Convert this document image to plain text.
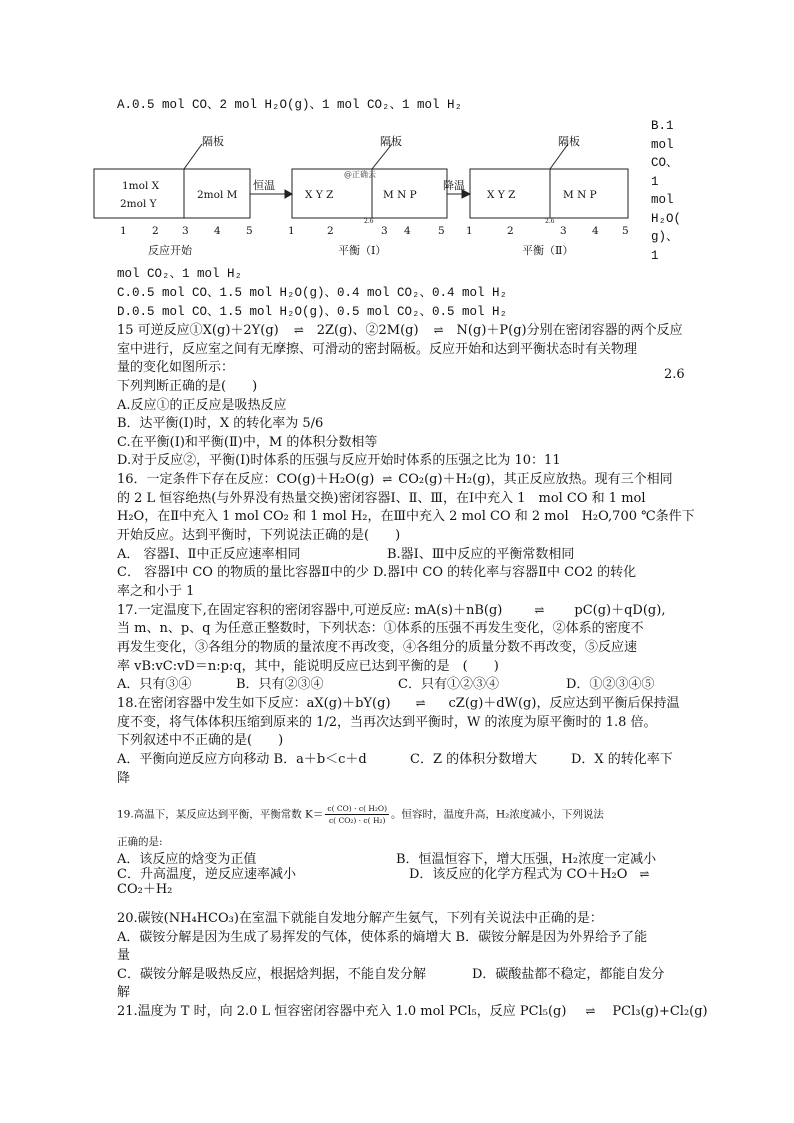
A.0.5 mol CO、2 mol H₂O(g)、1 mol CO₂、1 mol H₂
B.1
mol
CO、
1
mol
H₂O(
g)、
1
隔板	隔板	隔板
1mol X
2mol Y
2mol M
恒温	降温
X Y Z	M N P
@正确云
X Y Z	M N P
1 2 3 4 5	1	2
2.6
3 4	5 1	2
2.6
3 4 5
反应开始	平衡（Ⅰ）	平衡（Ⅱ）
mol CO₂、1 mol H₂
C.0.5 mol CO、1.5 mol H₂O(g)、0.4 mol CO₂、0.4 mol H₂
D.0.5 mol CO、1.5 mol H₂O(g)、0.5 mol CO₂、0.5 mol H₂
15 可逆反应①X(g)＋2Y(g) ⇌ 2Z(g)、②2M(g) ⇌ N(g)＋P(g)分别在密闭容器的两个反应
室中进行，反应室之间有无摩擦、可滑动的密封隔板。反应开始和达到平衡状态时有关物理
量的变化如图所示：	2.6
下列判断正确的是(　　)
A.反应①的正反应是吸热反应
B．达平衡(Ⅰ)时，X 的转化率为 5/6
C.在平衡(Ⅰ)和平衡(Ⅱ)中，M 的体积分数相等
D.对于反应②，平衡(Ⅰ)时体系的压强与反应开始时体系的压强之比为 10：11
16．一定条件下存在反应：CO(g)＋H₂O(g) ⇌ CO₂(g)＋H₂(g)，其正反应放热。现有三个相同
的 2 L 恒容绝热(与外界没有热量交换)密闭容器Ⅰ、Ⅱ、Ⅲ，在Ⅰ中充入 1　mol CO 和 1 mol
H₂O，在Ⅱ中充入 1 mol CO₂ 和 1 mol H₂，在Ⅲ中充入 2 mol CO 和 2 mol　H₂O,700 ℃条件下
开始反应。达到平衡时，下列说法正确的是(　　)
A． 容器Ⅰ、Ⅱ中正反应速率相同	B.器Ⅰ、Ⅲ中反应的平衡常数相同
C． 容器Ⅰ中 CO 的物质的量比容器Ⅱ中的少 D.器Ⅰ中 CO 的转化率与容器Ⅱ中 CO2 的转化
率之和小于 1
17.一定温度下,在固定容积的密闭容器中,可逆反应: mA(s)＋nB(g)	⇌ pC(g)＋qD(g),
当 m、n、p、q 为任意正整数时，下列状态：①体系的压强不再发生变化，②体系的密度不
再发生变化，③各组分的物质的量浓度不再改变，④各组分的质量分数不再改变，⑤反应速
率 vB:vC:vD＝n:p:q，其中，能说明反应已达到平衡的是　(　　)
A．只有③④	B．只有②③④	C．只有①②③④	D．①②③④⑤
18.在密闭容器中发生如下反应：aX(g)＋bY(g) ⇌ cZ(g)＋dW(g)，反应达到平衡后保持温
度不变，将气体体积压缩到原来的 1/2，当再次达到平衡时，W 的浓度为原平衡时的 1.8 倍。
下列叙述中不正确的是(　　)
A．平衡向逆反应方向移动 B．a＋b＜c＋d	C．Z 的体积分数增大	D．X 的转化率下
降
19.高温下，某反应达到平衡，平衡常数 $K= \frac{\text{c( CO) · c( H₂O)}}{\text{c( CO₂) · c( H₂)}}$ 。恒容时，温度升高，H₂浓度减小，下列说法
正确的是:
A．该反应的焓变为正值	B．恒温恒容下，增大压强，H₂浓度一定减小
C．升高温度，逆反应速率减小	D．该反应的化学方程式为 CO＋H₂O ⇌
CO₂＋H₂
20.碳铵(NH₄HCO₃)在室温下就能自发地分解产生氨气，下列有关说法中正确的是：
A．碳铵分解是因为生成了易挥发的气体，使体系的熵增大 B．碳铵分解是因为外界给予了能
量
C．碳铵分解是吸热反应，根据焓判据，不能自发分解	D．碳酸盐都不稳定，都能自发分
解
21.温度为 T 时，向 2.0 L 恒容密闭容器中充入 1.0 mol PCl₅，反应 PCl₅(g) ⇌ PCl₃(g)+Cl₂(g)
